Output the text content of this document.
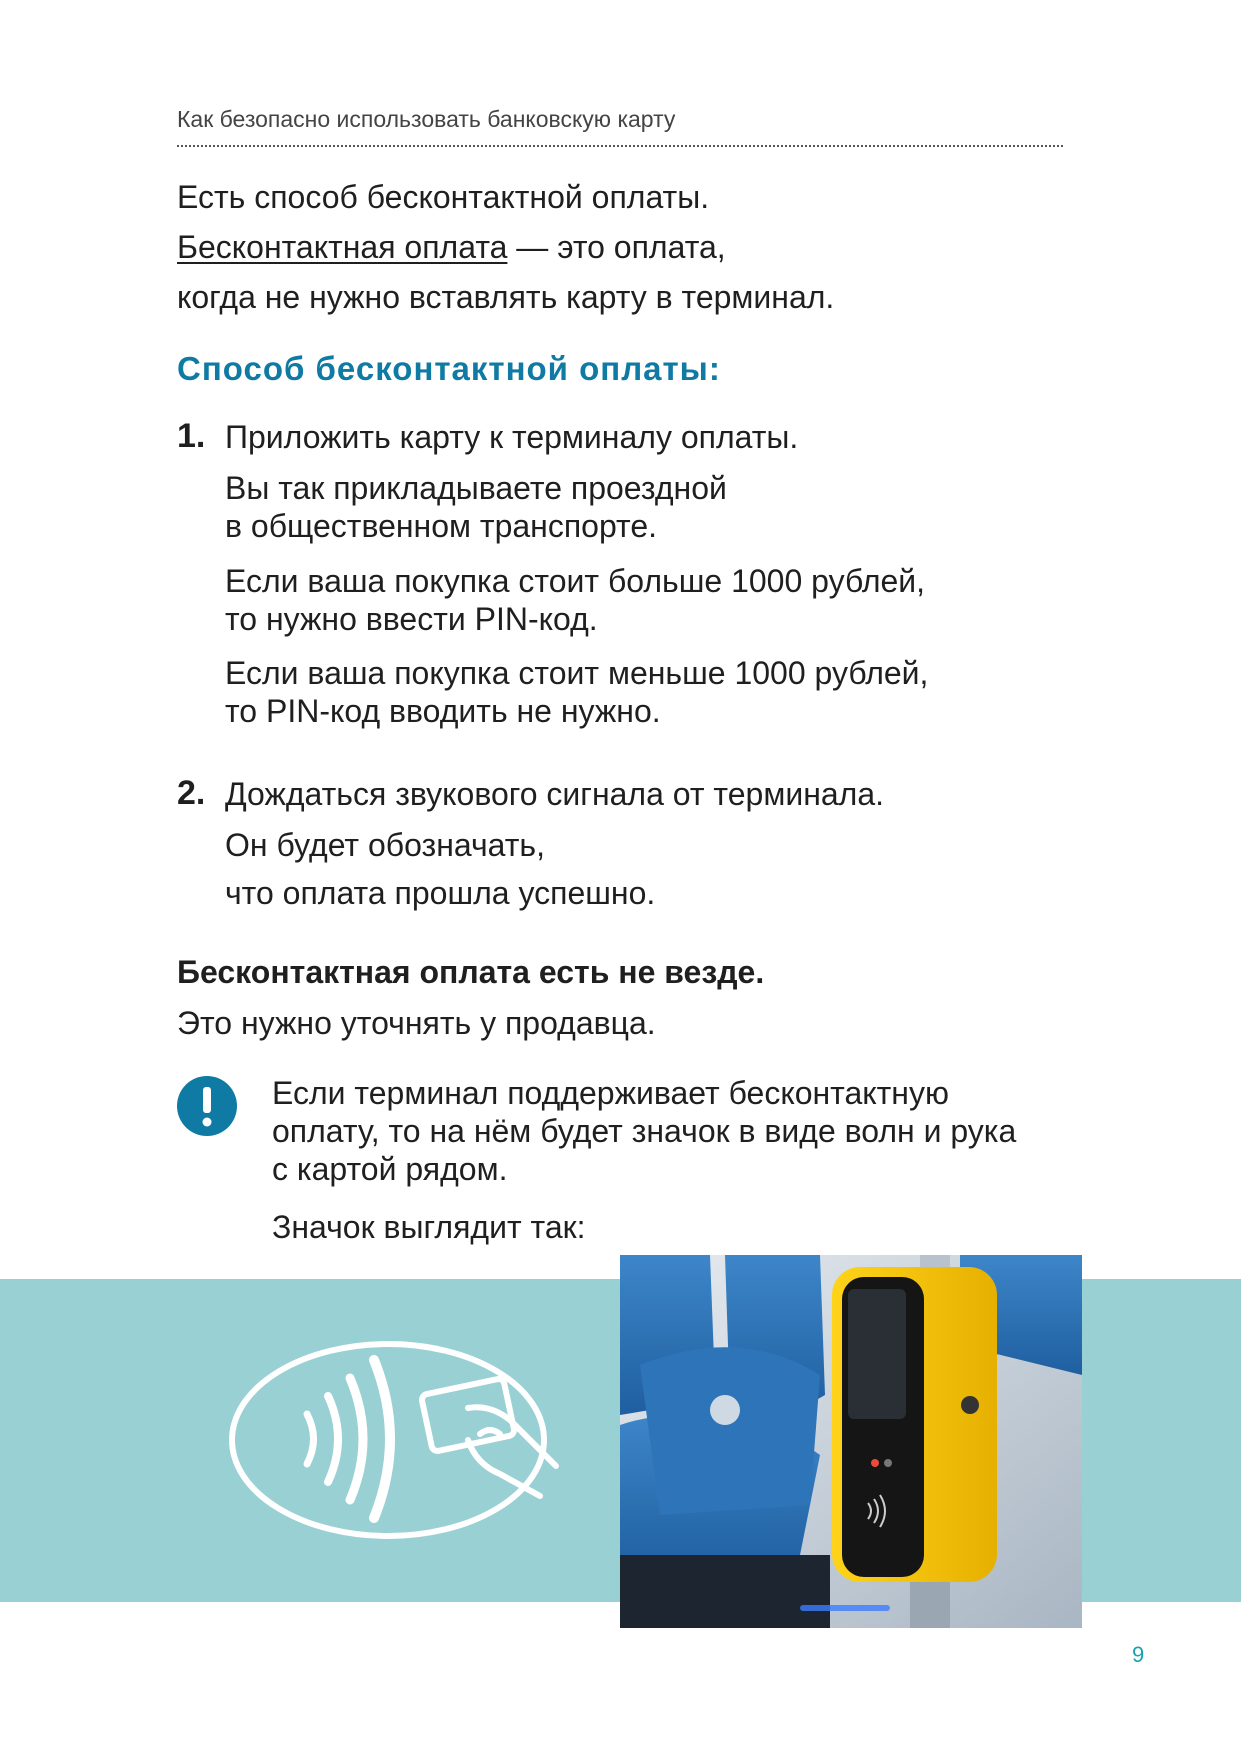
Как безопасно использовать банковскую карту
Есть способ бесконтактной оплаты.
Бесконтактная оплата — это оплата,
когда не нужно вставлять карту в терминал.
Способ бесконтактной оплаты:
1. Приложить карту к терминалу оплаты.
Вы так прикладываете проездной
в общественном транспорте.
Если ваша покупка стоит больше 1000 рублей,
то нужно ввести PIN-код.
Если ваша покупка стоит меньше 1000 рублей,
то PIN-код вводить не нужно.
2. Дождаться звукового сигнала от терминала.
Он будет обозначать,
что оплата прошла успешно.
Бесконтактная оплата есть не везде.
Это нужно уточнять у продавца.
Если терминал поддерживает бесконтактную
оплату, то на нём будет значок в виде волн и рука
с картой рядом.
Значок выглядит так:
9
